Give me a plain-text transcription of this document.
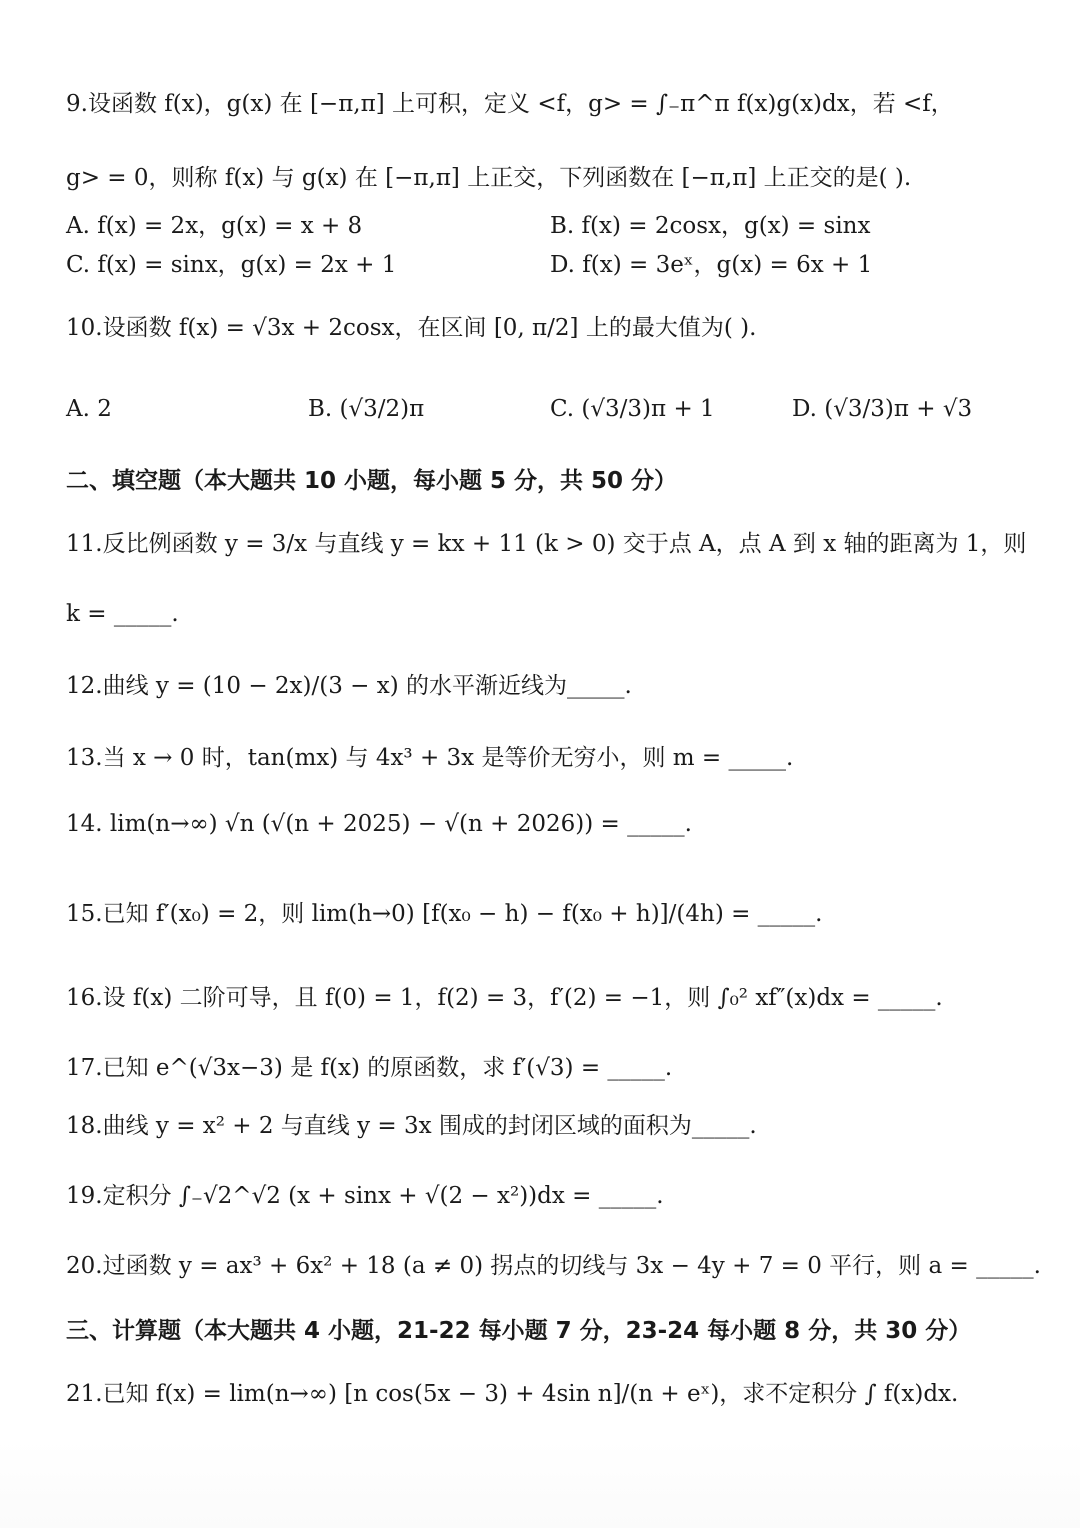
9.设函数 f(x)，g(x) 在 [−π,π] 上可积，定义 <f，g> = ∫₋π^π f(x)g(x)dx，若 <f，
g> = 0，则称 f(x) 与 g(x) 在 [−π,π] 上正交，下列函数在 [−π,π] 上正交的是( ).
A. f(x) = 2x，g(x) = x + 8	B. f(x) = 2cosx，g(x) = sinx
C. f(x) = sinx，g(x) = 2x + 1	D. f(x) = 3eˣ，g(x) = 6x + 1
10.设函数 f(x) = √3x + 2cosx，在区间 [0, π/2] 上的最大值为( ).
A. 2	B. (√3/2)π	C. (√3/3)π + 1	D. (√3/3)π + √3
二、填空题（本大题共 10 小题，每小题 5 分，共 50 分）
11.反比例函数 y = 3/x 与直线 y = kx + 11 (k > 0) 交于点 A，点 A 到 x 轴的距离为 1，则
k = _____.
12.曲线 y = (10 − 2x)/(3 − x) 的水平渐近线为_____.
13.当 x → 0 时，tan(mx) 与 4x³ + 3x 是等价无穷小，则 m = _____.
14. lim(n→∞) √n (√(n + 2025) − √(n + 2026)) = _____.
15.已知 f′(x₀) = 2，则 lim(h→0) [f(x₀ − h) − f(x₀ + h)]/(4h) = _____.
16.设 f(x) 二阶可导，且 f(0) = 1，f(2) = 3，f′(2) = −1，则 ∫₀² xf″(x)dx = _____.
17.已知 e^(√3x−3) 是 f(x) 的原函数，求 f′(√3) = _____.
18.曲线 y = x² + 2 与直线 y = 3x 围成的封闭区域的面积为_____.
19.定积分 ∫₋√2^√2 (x + sinx + √(2 − x²))dx = _____.
20.过函数 y = ax³ + 6x² + 18 (a ≠ 0) 拐点的切线与 3x − 4y + 7 = 0 平行，则 a = _____.
三、计算题（本大题共 4 小题，21-22 每小题 7 分，23-24 每小题 8 分，共 30 分）
21.已知 f(x) = lim(n→∞) [n cos(5x − 3) + 4sin n]/(n + eˣ)，求不定积分 ∫ f(x)dx.
